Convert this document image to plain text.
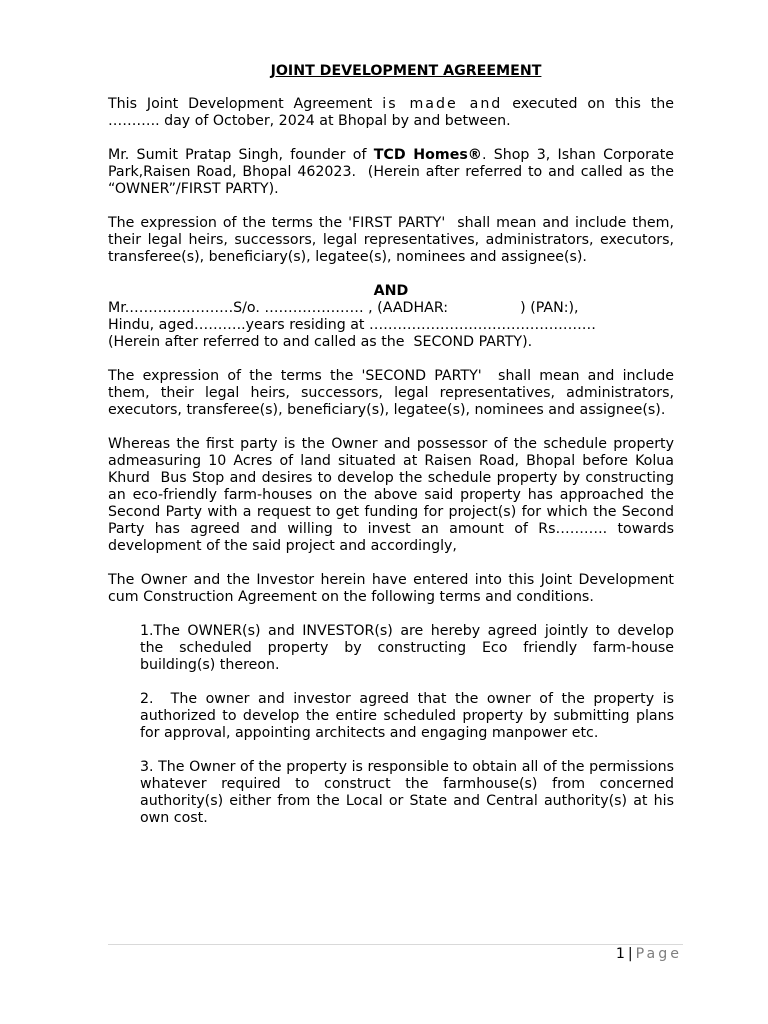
JOINT DEVELOPMENT AGREEMENT

This Joint Development Agreement is made and executed on this the ……….. day of October, 2024 at Bhopal by and between.

Mr. Sumit Pratap Singh, founder of TCD Homes®. Shop 3, Ishan Corporate Park,Raisen Road, Bhopal 462023.  (Herein after referred to and called as the “OWNER”/FIRST PARTY).

The expression of the terms the 'FIRST PARTY'  shall mean and include them, their legal heirs, successors, legal representatives, administrators, executors, transferee(s), beneficiary(s), legatee(s), nominees and assignee(s).

AND
Mr.………………….S/o. ………………… , (AADHAR:                ) (PAN:),
Hindu, aged………..years residing at …………………………………………
(Herein after referred to and called as the  SECOND PARTY).

The expression of the terms the 'SECOND PARTY'  shall mean and include them, their legal heirs, successors, legal representatives, administrators, executors, transferee(s), beneficiary(s), legatee(s), nominees and assignee(s).

Whereas the first party is the Owner and possessor of the schedule property admeasuring 10 Acres of land situated at Raisen Road, Bhopal before Kolua Khurd  Bus Stop and desires to develop the schedule property by constructing an eco-friendly farm-houses on the above said property has approached the Second Party with a request to get funding for project(s) for which the Second Party has agreed and willing to invest an amount of Rs……….. towards development of the said project and accordingly,

The Owner and the Investor herein have entered into this Joint Development cum Construction Agreement on the following terms and conditions.

1.The OWNER(s) and INVESTOR(s) are hereby agreed jointly to develop the scheduled property by constructing Eco friendly farm-house building(s) thereon.

2.  The owner and investor agreed that the owner of the property is authorized to develop the entire scheduled property by submitting plans for approval, appointing architects and engaging manpower etc.

3. The Owner of the property is responsible to obtain all of the permissions whatever required to construct the farmhouse(s) from concerned authority(s) either from the Local or State and Central authority(s) at his own cost.

1 | Page
